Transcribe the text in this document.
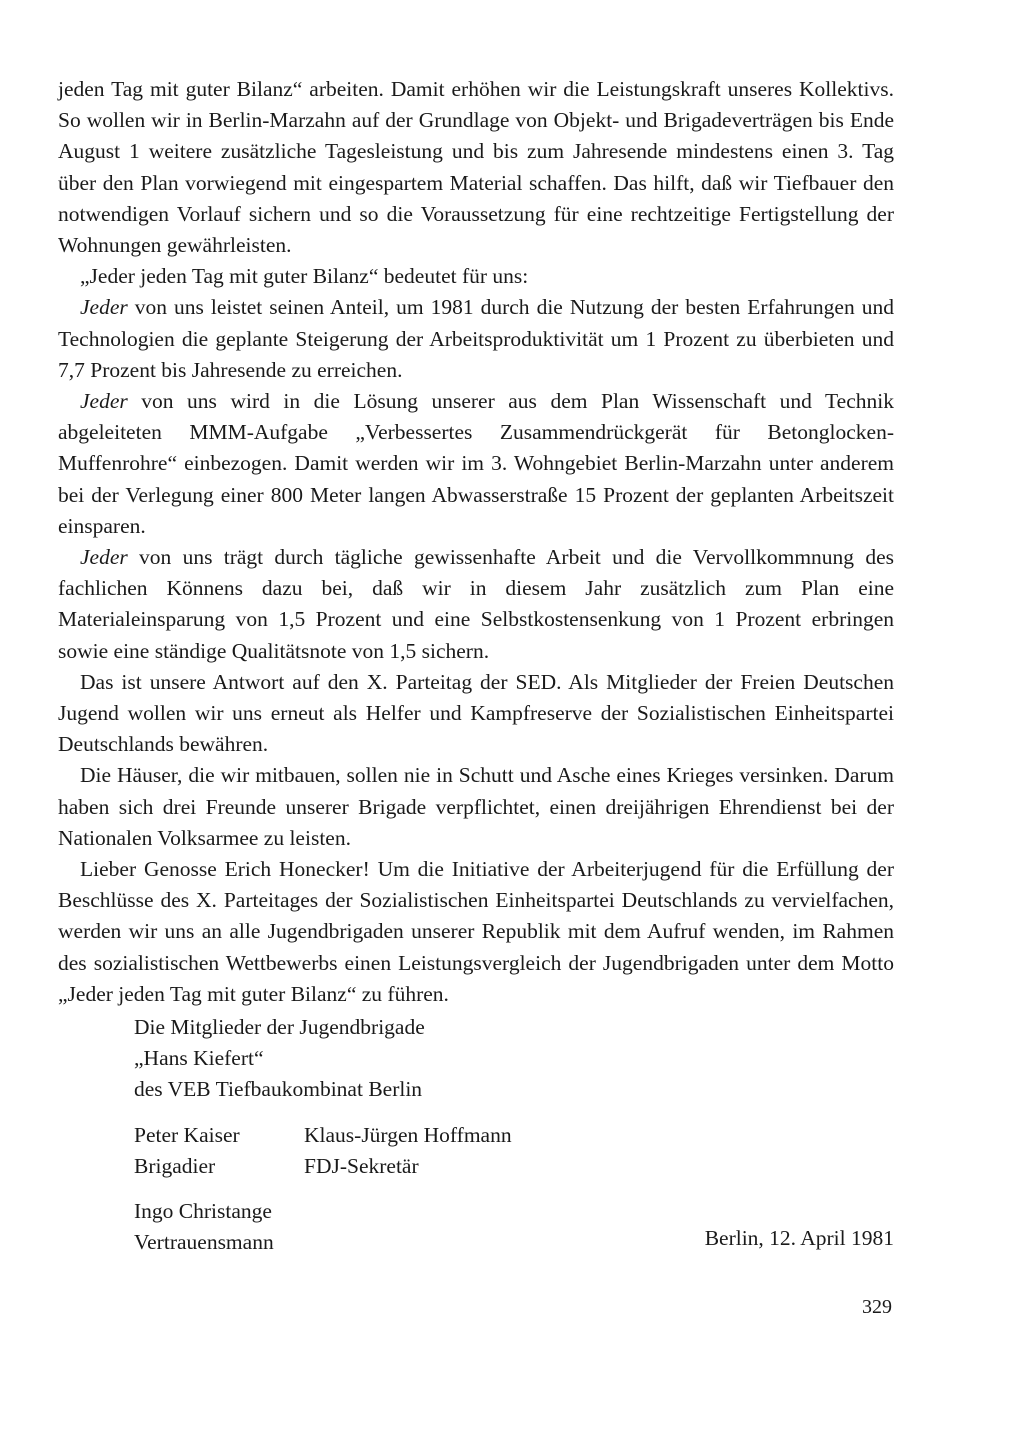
jeden Tag mit guter Bilanz“ arbeiten. Damit erhöhen wir die Leistungskraft unseres Kollektivs. So wollen wir in Berlin-Marzahn auf der Grundlage von Objekt- und Brigadeverträgen bis Ende August 1 weitere zusätzliche Tagesleistung und bis zum Jahresende mindestens einen 3. Tag über den Plan vorwiegend mit eingespartem Material schaffen. Das hilft, daß wir Tiefbauer den notwendigen Vorlauf sichern und so die Voraussetzung für eine rechtzeitige Fertigstellung der Wohnungen gewährleisten.

„Jeder jeden Tag mit guter Bilanz“ bedeutet für uns:

Jeder von uns leistet seinen Anteil, um 1981 durch die Nutzung der besten Erfahrungen und Technologien die geplante Steigerung der Arbeitsproduktivität um 1 Prozent zu überbieten und 7,7 Prozent bis Jahresende zu erreichen.

Jeder von uns wird in die Lösung unserer aus dem Plan Wissenschaft und Technik abgeleiteten MMM-Aufgabe „Verbessertes Zusammendrückgerät für Betonglocken-Muffenrohre“ einbezogen. Damit werden wir im 3. Wohngebiet Berlin-Marzahn unter anderem bei der Verlegung einer 800 Meter langen Abwasserstraße 15 Prozent der geplanten Arbeitszeit einsparen.

Jeder von uns trägt durch tägliche gewissenhafte Arbeit und die Vervollkommnung des fachlichen Könnens dazu bei, daß wir in diesem Jahr zusätzlich zum Plan eine Materialeinsparung von 1,5 Prozent und eine Selbstkostensenkung von 1 Prozent erbringen sowie eine ständige Qualitätsnote von 1,5 sichern.

Das ist unsere Antwort auf den X. Parteitag der SED. Als Mitglieder der Freien Deutschen Jugend wollen wir uns erneut als Helfer und Kampfreserve der Sozialistischen Einheitspartei Deutschlands bewähren.

Die Häuser, die wir mitbauen, sollen nie in Schutt und Asche eines Krieges versinken. Darum haben sich drei Freunde unserer Brigade verpflichtet, einen dreijährigen Ehrendienst bei der Nationalen Volksarmee zu leisten.

Lieber Genosse Erich Honecker! Um die Initiative der Arbeiterjugend für die Erfüllung der Beschlüsse des X. Parteitages der Sozialistischen Einheitspartei Deutschlands zu vervielfachen, werden wir uns an alle Jugendbrigaden unserer Republik mit dem Aufruf wenden, im Rahmen des sozialistischen Wettbewerbs einen Leistungsvergleich der Jugendbrigaden unter dem Motto „Jeder jeden Tag mit guter Bilanz“ zu führen.

Die Mitglieder der Jugendbrigade
„Hans Kiefert“
des VEB Tiefbaukombinat Berlin
Peter Kaiser
Brigadier
Klaus-Jürgen Hoffmann
FDJ-Sekretär
Ingo Christange
Vertrauensmann	Berlin, 12. April 1981
329
